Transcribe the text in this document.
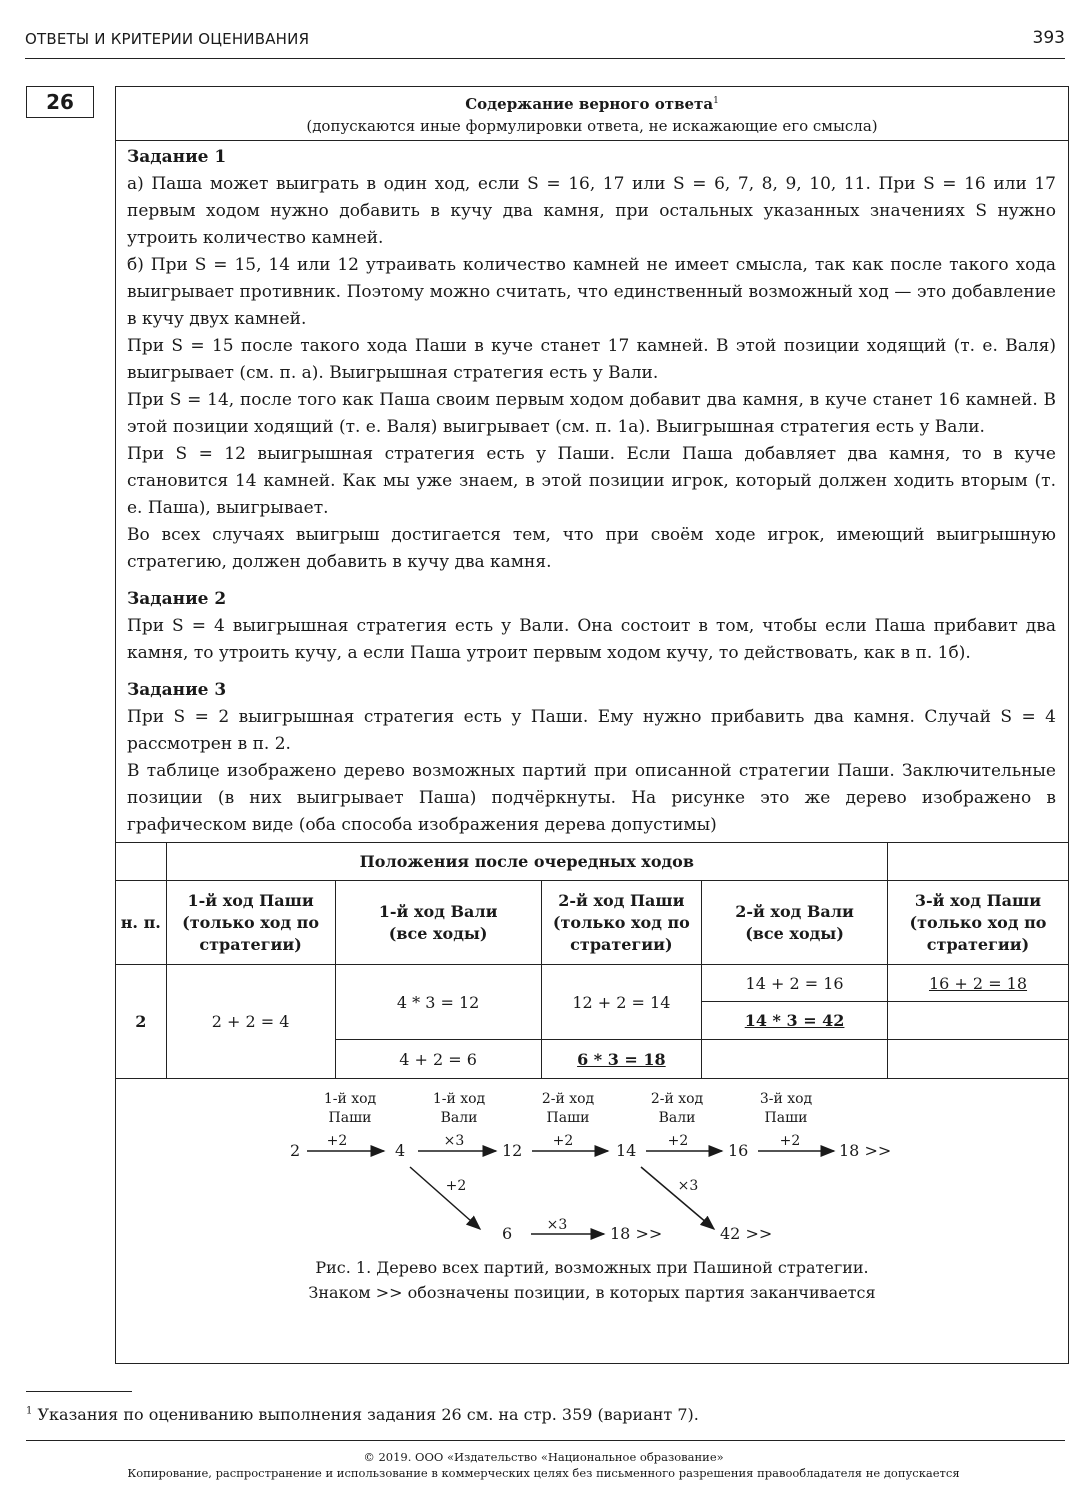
ОТВЕТЫ И КРИТЕРИИ ОЦЕНИВАНИЯ	393
26	Содержание верного ответа$^1$
(допускаются иные формулировки ответа, не искажающие его смысла)

Задание 1

а) Паша может выиграть в один ход, если S = 16, 17 или S = 6, 7, 8, 9, 10, 11. При S = 16 или 17 первым ходом нужно добавить в кучу два камня, при остальных указанных значениях S нужно утроить количество камней.

б) При S = 15, 14 или 12 утраивать количество камней не имеет смысла, так как после такого хода выигрывает противник. Поэтому можно считать, что единственный возможный ход — это добавление в кучу двух камней.

При S = 15 после такого хода Паши в куче станет 17 камней. В этой позиции ходящий (т. е. Валя) выигрывает (см. п. а). Выигрышная стратегия есть у Вали.

При S = 14, после того как Паша своим первым ходом добавит два камня, в куче станет 16 камней. В этой позиции ходящий (т. е. Валя) выигрывает (см. п. 1а). Выигрышная стратегия есть у Вали.

При S = 12 выигрышная стратегия есть у Паши. Если Паша добавляет два камня, то в куче становится 14 камней. Как мы уже знаем, в этой позиции игрок, который должен ходить вторым (т. е. Паша), выигрывает.

Во всех случаях выигрыш достигается тем, что при своём ходе игрок, имеющий выигрышную стратегию, должен добавить в кучу два камня.

Задание 2

При S = 4 выигрышная стратегия есть у Вали. Она состоит в том, чтобы если Паша прибавит два камня, то утроить кучу, а если Паша утроит первым ходом кучу, то действовать, как в п. 1б).

Задание 3

При S = 2 выигрышная стратегия есть у Паши. Ему нужно прибавить два камня. Случай S = 4 рассмотрен в п. 2.

В таблице изображено дерево возможных партий при описанной стратегии Паши. Заключительные позиции (в них выигрывает Паша) подчёркнуты. На рисунке это же дерево изображено в графическом виде (оба способа изображения дерева допустимы)

	Положения после очередных ходов				
н. п.	1-й ход Паши (только ход по стратегии)	1-й ход Вали (все ходы)	2-й ход Паши (только ход по стратегии)	2-й ход Вали (все ходы)	3-й ход Паши (только ход по стратегии)
2	2 + 2 = 4	4 * 3 = 12	12 + 2 = 14	14 + 2 = 16	16 + 2 = 18
				14 * 3 = 42	
		4 + 2 = 6	6 * 3 = 18		
1-й ход
Паши
1-й ход
Вали
2-й ход
Паши
2-й ход
Вали
3-й ход
Паши
2	4	12	14	16	18 >>
6	18 >>	42 >>
+2	×3	+2	+2	+2
+2
×3
×3
Рис. 1. Дерево всех партий, возможных при Пашиной стратегии.
Знаком >> обозначены позиции, в которых партия заканчивается
$^1$ Указания по оцениванию выполнения задания 26 см. на стр. 359 (вариант 7).
© 2019. ООО «Издательство «Национальное образование»
Копирование, распространение и использование в коммерческих целях без письменного разрешения правообладателя не допускается
